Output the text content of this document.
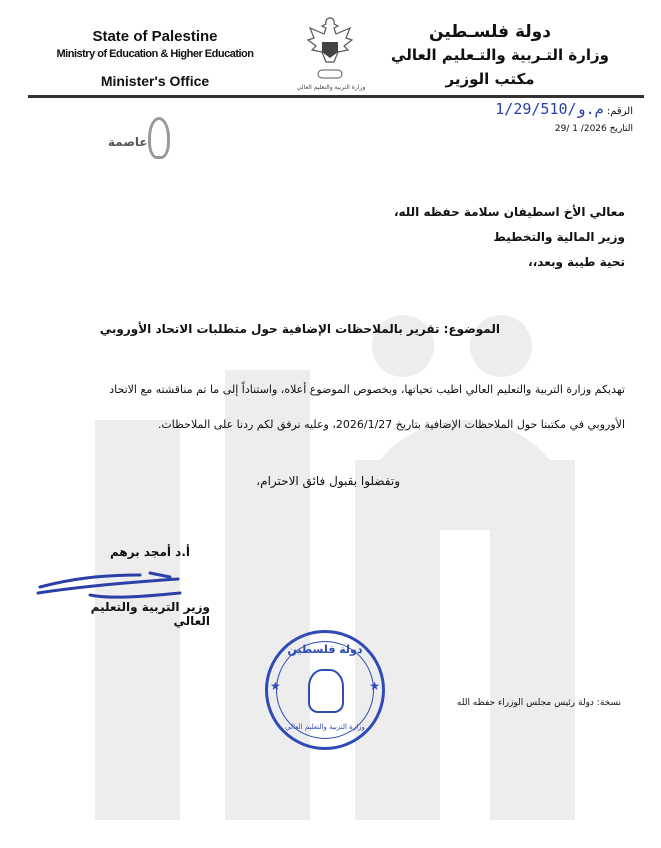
State of Palestine
Ministry of Education & Higher Education
Minister's Office	وزارة التربية والتعليم العالي
دولة فلسـطين
وزارة التـربية والتـعليم العالي
مكتب الوزير
الرقم: م.و/1/29/510
التاريخ 29/ 1 /2026
عاصمة
معالي الأخ اسطيفان سلامة حفظه الله،
وزير المالية والتخطيط
تحية طيبة وبعد،،
الموضوع: تقرير بالملاحظات الإضافية حول متطلبات الاتحاد الأوروبي
تهديكم وزارة التربية والتعليم العالي اطيب تحياتها، وبخصوص الموضوع أعلاه، واستناداً إلى ما تم مناقشته مع الاتحاد
الأوروبي في مكتبنا حول الملاحظات الإضافية بتاريخ 2026/1/27، وعليه نرفق لكم ردنا على الملاحظات.
وتفضلوا بقبول فائق الاحترام،
أ.د أمجد برهم
وزير التربية والتعليم العالي
دولة فلسطين
وزارة التربية والتعليم العالي
★	★
نسخة: دولة رئيس مجلس الوزراء حفظه الله
